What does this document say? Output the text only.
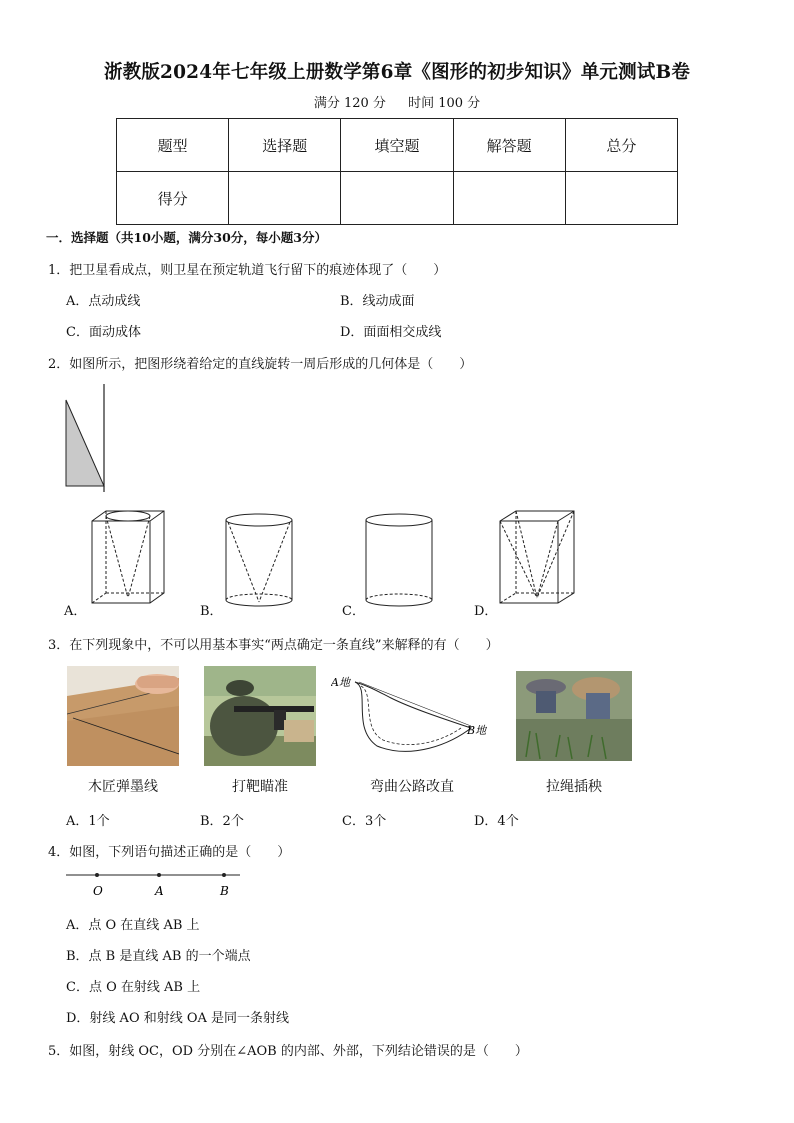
浙教版2024年七年级上册数学第6章《图形的初步知识》单元测试B卷
满分 120 分 时间 100 分
题型	选择题	填空题	解答题	总分
得分				
一．选择题（共10小题，满分30分，每小题3分）
1．把卫星看成点，则卫星在预定轨道飞行留下的痕迹体现了（　　）
A．点动成线	B．线动成面
C．面动成体	D．面面相交成线
2．如图所示，把图形绕着给定的直线旋转一周后形成的几何体是（　　）
A．	B．	C．	D．
3．在下列现象中，不可以用基本事实“两点确定一条直线”来解释的有（　　）
A地
B地
木匠弹墨线	打靶瞄准	弯曲公路改直	拉绳插秧
A．1个	B．2个	C．3个	D．4个
4．如图，下列语句描述正确的是（　　）
O	A	B
A．点 O 在直线 AB 上
B．点 B 是直线 AB 的一个端点
C．点 O 在射线 AB 上
D．射线 AO 和射线 OA 是同一条射线
5．如图，射线 OC，OD 分别在∠AOB 的内部、外部，下列结论错误的是（　　）
